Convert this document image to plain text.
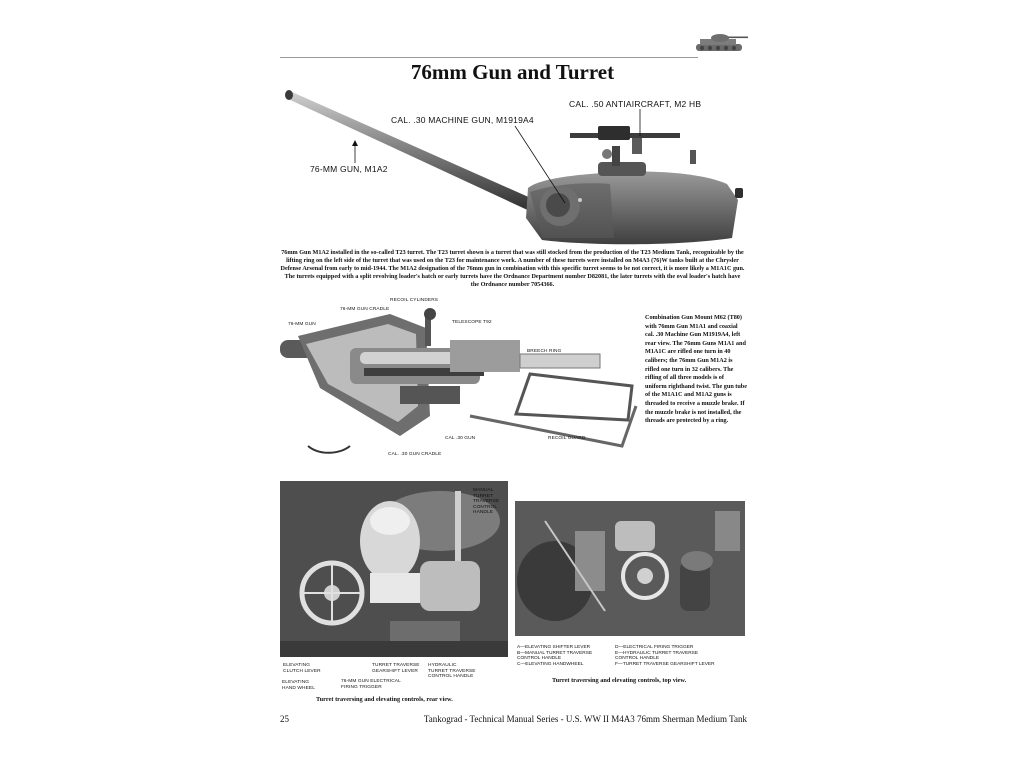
76mm Gun and Turret
CAL. .50 ANTIAIRCRAFT, M2 HB
CAL. .30 MACHINE GUN, M1919A4
76-MM GUN, M1A2
76mm Gun M1A2 installed in the so-called T23 turret. The T23 turret shown is a turret that was still stocked from the production of the T23 Medium Tank, recognizable by the lifting ring on the left side of the turret that was used on the T23 for maintenance work. A number of these turrets were installed on M4A3 (76)W tanks built at the Chrysler Defense Arsenal from early to mid-1944. The M1A2 designation of the 76mm gun in combination with this specific turret seems to be not correct, it is more likely a M1A1C gun. The turrets equipped with a split revolving loader's hatch or early turrets have the Ordnance Department number D82081, the later turrets with the oval loader's hatch have the Ordnance number 7054366.
RECOIL CYLINDERS
76-MM GUN CRADLE
76-MM GUN	TELESCOPE T92
BREECH RING
CAL .30 GUN	RECOIL GUARD
CAL. .30 GUN CRADLE
Combination Gun Mount M62 (T80) with 76mm Gun M1A1 and coaxial cal. .30 Machine Gun M1919A4, left rear view. The 76mm Guns M1A1 and M1A1C are rifled one turn in 40 calibers; the 76mm Gun M1A2 is rifled one turn in 32 calibers. The rifling of all three models is of uniform righthand twist. The gun tube of the M1A1C and M1A2 guns is threaded to receive a muzzle brake. If the muzzle brake is not installed, the threads are protected by a ring.
MANUAL
TURRET
TRAVERSE
CONTROL
HANDLE
ELEVATING
CLUTCH LEVER
ELEVATING
HAND WHEEL
TURRET TRAVERSE
GEARSHIFT LEVER
76-MM GUN ELECTRICAL
FIRING TRIGGER
HYDRAULIC
TURRET TRAVERSE
CONTROL HANDLE
Turret traversing and elevating controls, rear view.
A—ELEVATING SHIFTER LEVER
B—MANUAL TURRET TRAVERSE
CONTROL HANDLE
C—ELEVATING HANDWHEEL
D—ELECTRICAL FIRING TRIGGER
E—HYDRAULIC TURRET TRAVERSE
CONTROL HANDLE
F—TURRET TRAVERSE GEARSHIFT LEVER
Turret traversing and elevating controls, top view.
25	Tankograd - Technical Manual Series - U.S. WW II M4A3 76mm Sherman Medium Tank
